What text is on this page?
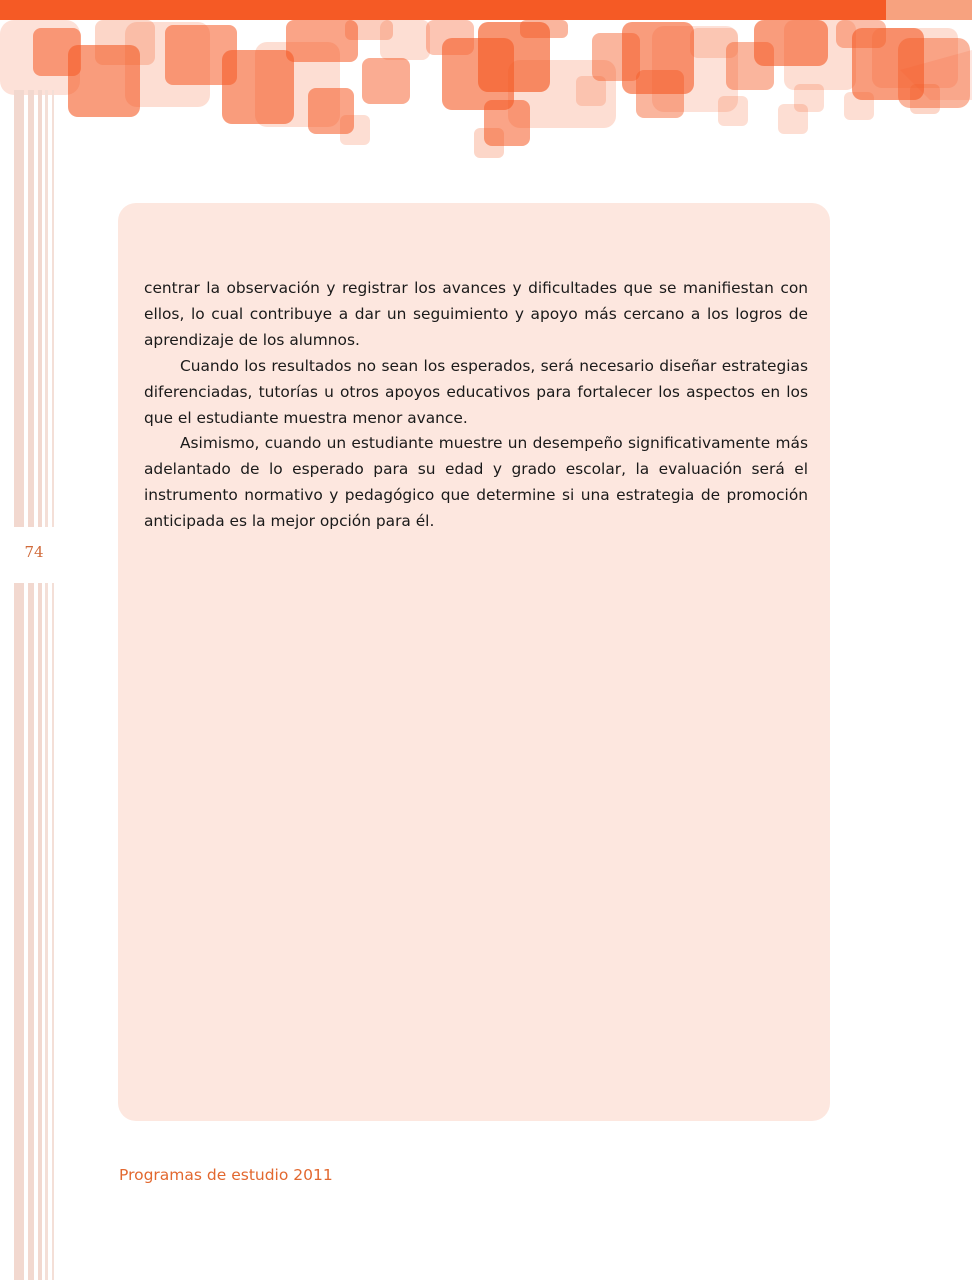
74

centrar la observación y registrar los avances y dificultades que se manifiestan con ellos, lo cual contribuye a dar un seguimiento y apoyo más cercano a los logros de aprendizaje de los alumnos.

Cuando los resultados no sean los esperados, será necesario diseñar estrategias diferenciadas, tutorías u otros apoyos educativos para fortalecer los aspectos en los que el estudiante muestra menor avance.

Asimismo, cuando un estudiante muestre un desempeño significativamente más adelantado de lo esperado para su edad y grado escolar, la evaluación será el instrumento normativo y pedagógico que determine si una estrategia de promoción anticipada es la mejor opción para él.

Programas de estudio 2011
